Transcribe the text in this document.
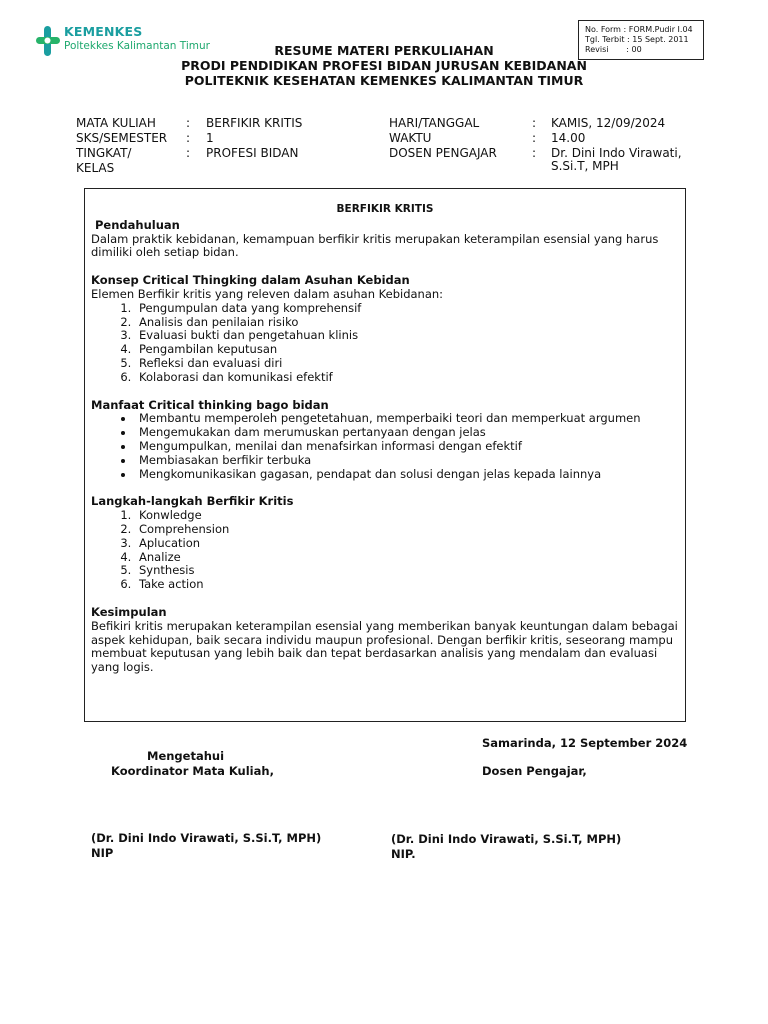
KEMENKES
Poltekkes Kalimantan Timur
No. Form : FORM.Pudir I.04
Tgl. Terbit : 15 Sept. 2011
Revisi       : 00
RESUME MATERI PERKULIAHAN
PRODI PENDIDIKAN PROFESI BIDAN JURUSAN KEBIDANAN
POLITEKNIK KESEHATAN KEMENKES KALIMANTAN TIMUR
MATA KULIAH	: BERFIKIR KRITIS
SKS/SEMESTER : 1
TINGKAT/	: PROFESI BIDAN
KELAS
HARI/TANGGAL	: KAMIS, 12/09/2024
WAKTU	: 14.00
DOSEN PENGAJAR	: Dr. Dini Indo Virawati,
S.Si.T, MPH
BERFIKIR KRITIS

Pendahuluan

Dalam praktik kebidanan, kemampuan berfikir kritis merupakan keterampilan esensial yang harus dimiliki oleh setiap bidan.

Konsep Critical Thingking dalam Asuhan Kebidan

Elemen Berfikir kritis yang releven dalam asuhan Kebidanan:

1. Pengumpulan data yang komprehensif
2. Analisis dan penilaian risiko
3. Evaluasi bukti dan pengetahuan klinis
4. Pengambilan keputusan
5. Refleksi dan evaluasi diri
6. Kolaborasi dan komunikasi efektif

Manfaat Critical thinking bago bidan

• Membantu memperoleh pengetetahuan, memperbaiki teori dan memperkuat argumen
• Mengemukakan dam merumuskan pertanyaan dengan jelas
• Mengumpulkan, menilai dan menafsirkan informasi dengan efektif
• Membiasakan berfikir terbuka
• Mengkomunikasikan gagasan, pendapat dan solusi dengan jelas kepada lainnya

Langkah-langkah Berfikir Kritis

1. Konwledge
2. Comprehension
3. Aplucation
4. Analize
5. Synthesis
6. Take action

Kesimpulan

Befikiri kritis merupakan keterampilan esensial yang memberikan banyak keuntungan dalam bebagai aspek kehidupan, baik secara individu maupun profesional. Dengan berfikir kritis, seseorang mampu membuat keputusan yang lebih baik dan tepat berdasarkan analisis yang mendalam dan evaluasi yang logis.

Samarinda, 12 September 2024
Mengetahui
Koordinator Mata Kuliah,	Dosen Pengajar,
(Dr. Dini Indo Virawati, S.Si.T, MPH)
NIP
(Dr. Dini Indo Virawati, S.Si.T, MPH)
NIP.
